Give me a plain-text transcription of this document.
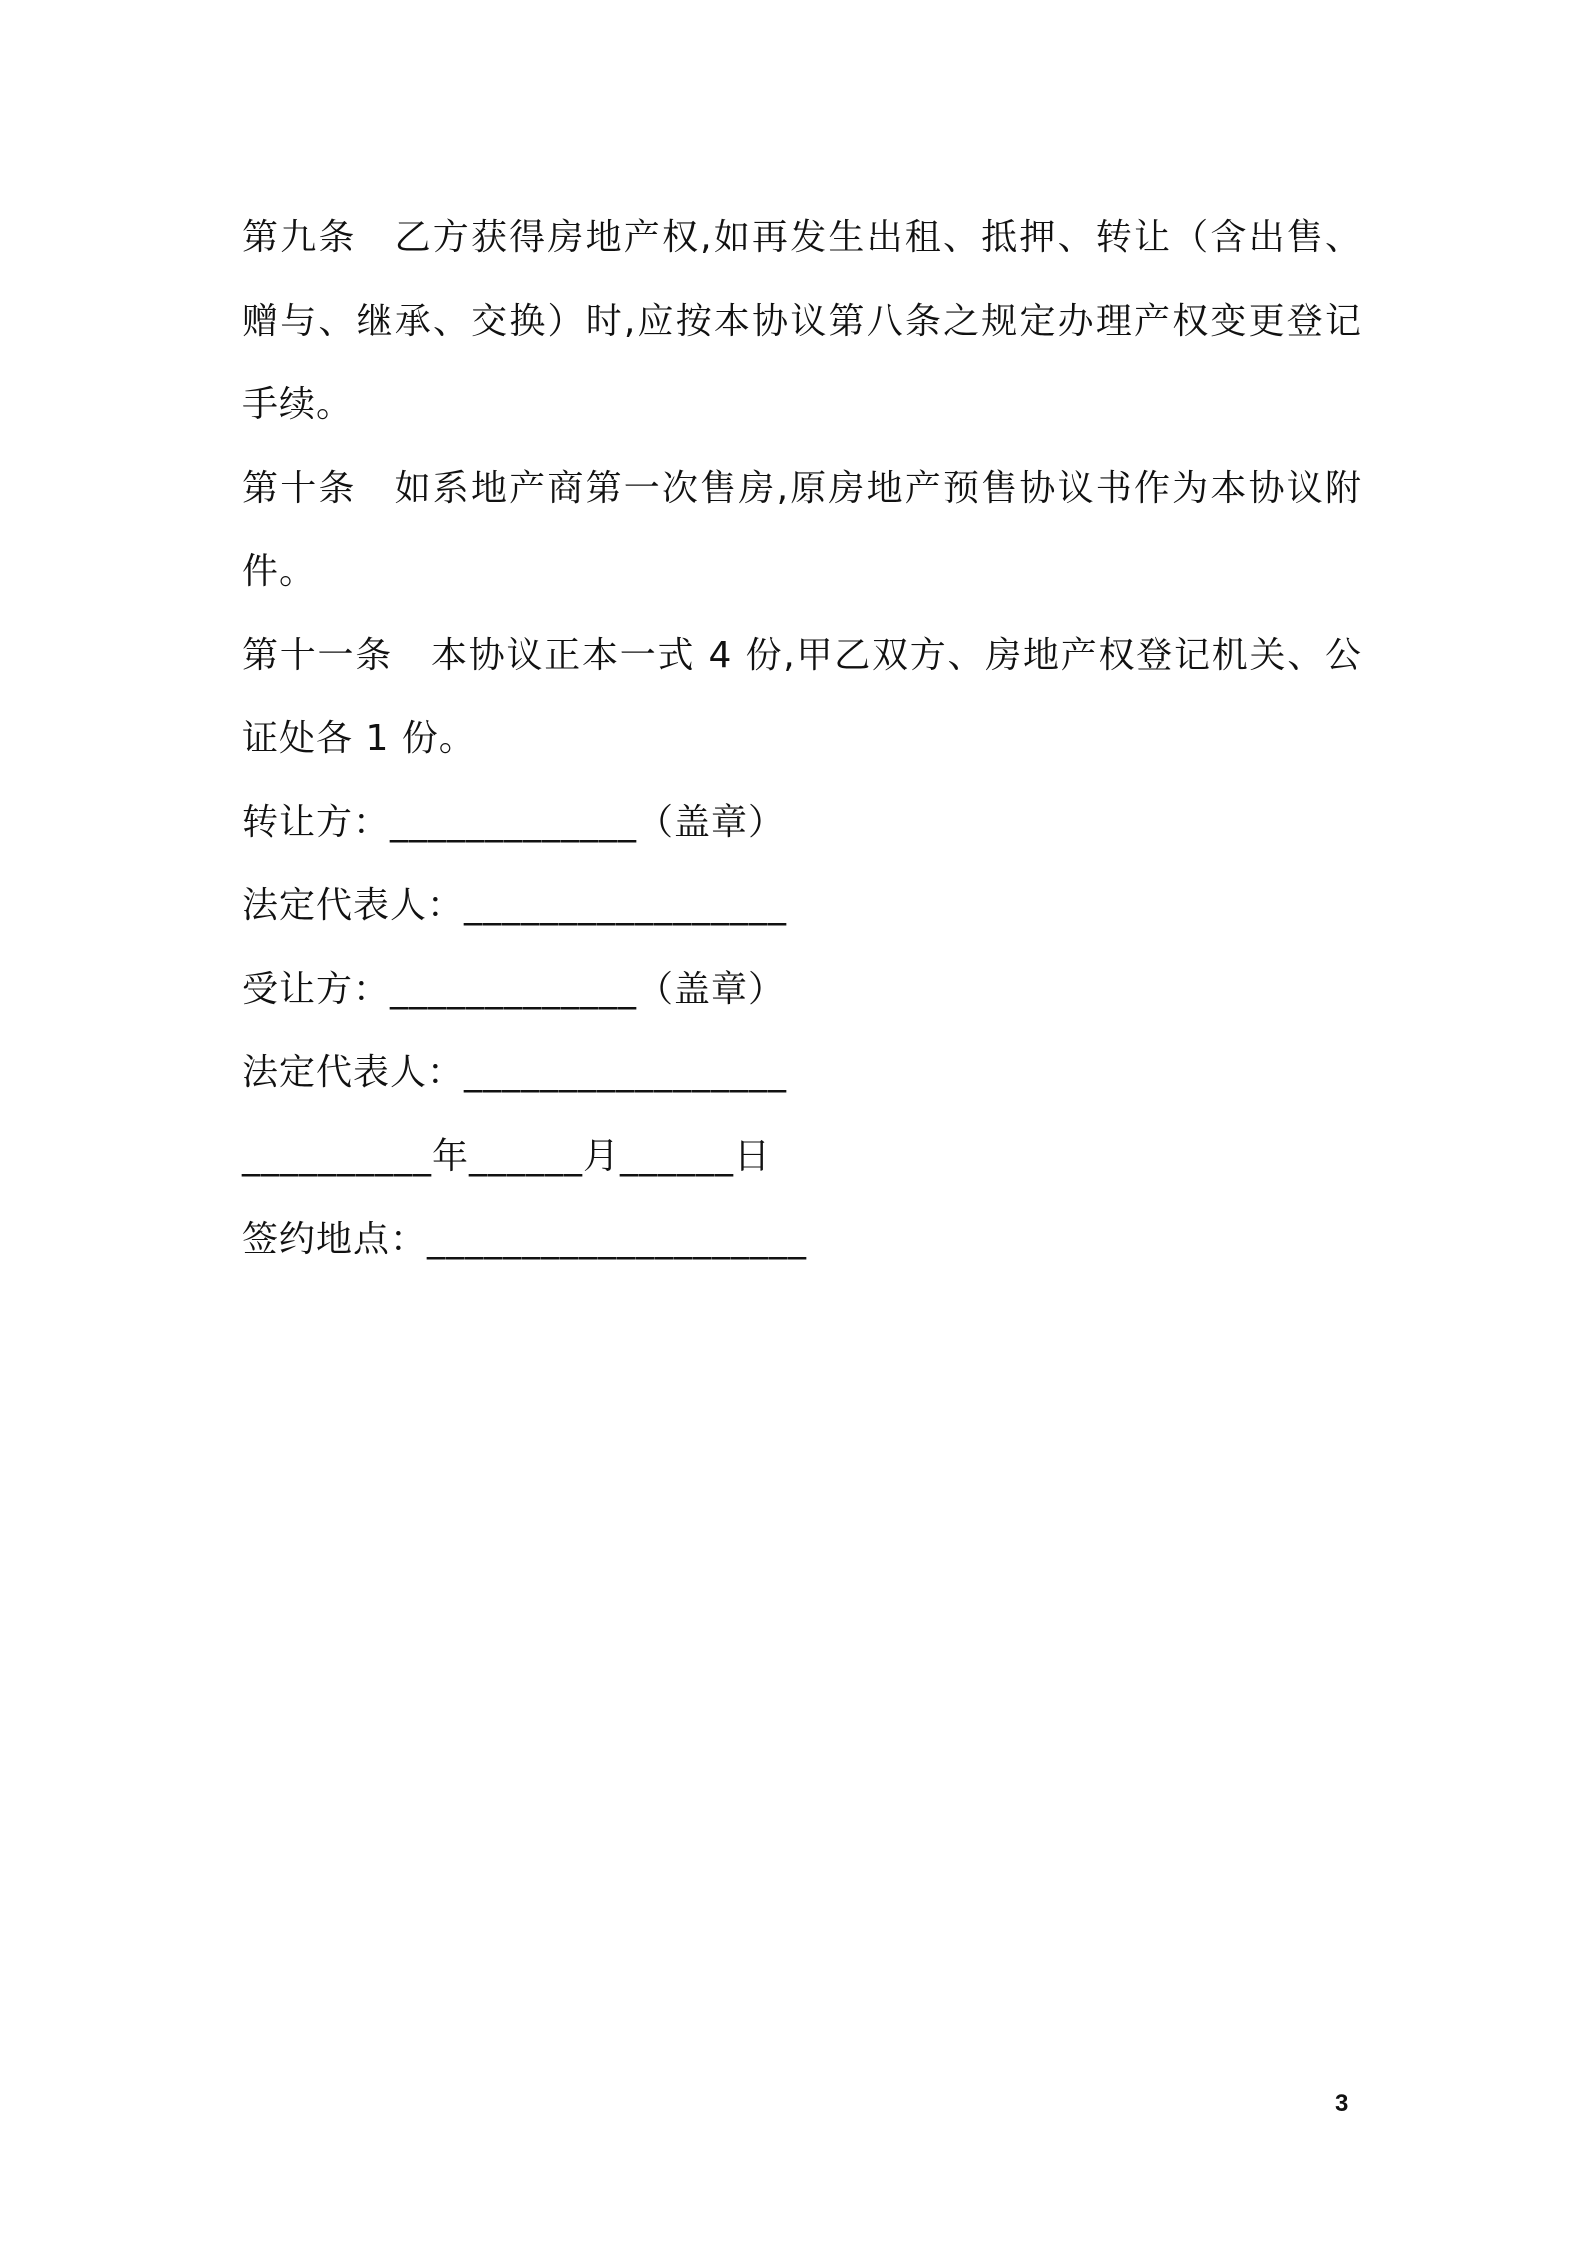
第九条 乙方获得房地产权,如再发生出租、抵押、转让（含出售、赠与、继承、交换）时,应按本协议第八条之规定办理产权变更登记手续。

第十条 如系地产商第一次售房,原房地产预售协议书作为本协议附件。

第十一条 本协议正本一式 4 份,甲乙双方、房地产权登记机关、公证处各 1 份。

转让方：_____________（盖章）

法定代表人：_________________

受让方：_____________（盖章）

法定代表人：_________________

__________年______月______日

签约地点：____________________

3
